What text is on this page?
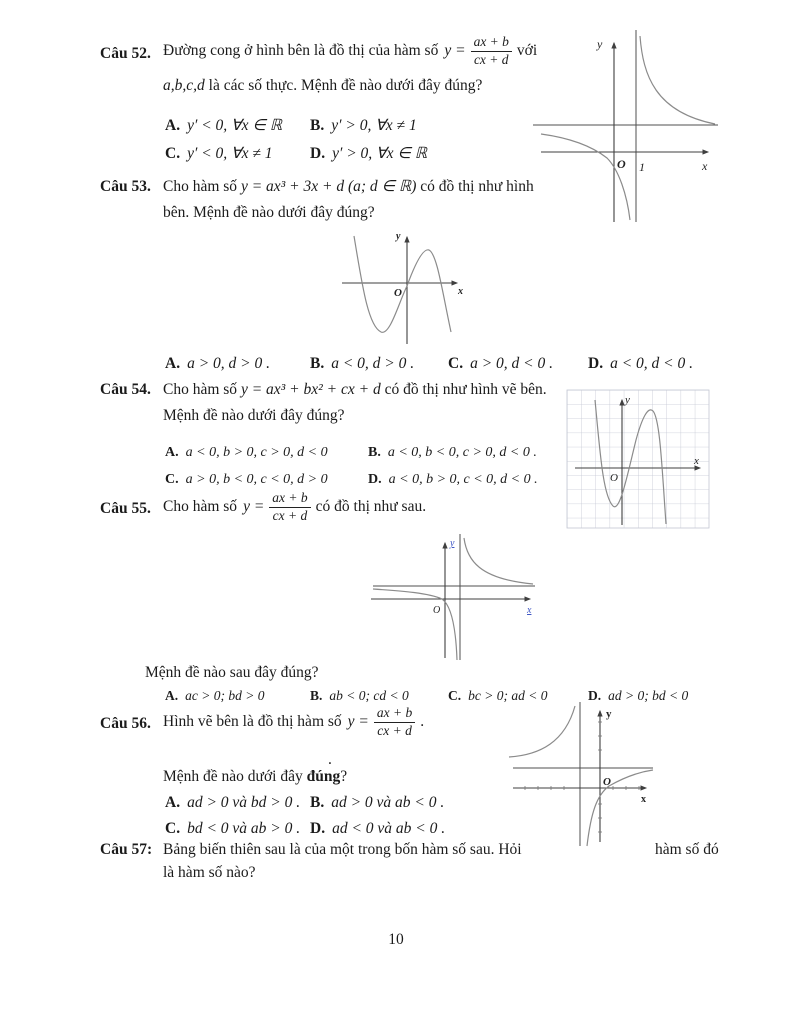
Câu 52. Đường cong ở hình bên là đồ thị của hàm số $y = \frac{ax + b}{cx + d}$ với
a,b,c,d là các số thực. Mệnh đề nào dưới đây đúng?
A. y′ < 0, ∀x ∈ ℝ B. y′ > 0, ∀x ≠ 1
C. y′ < 0, ∀x ≠ 1 D. y′ > 0, ∀x ∈ ℝ
y
O 1	x
Câu 53. Cho hàm số y = ax³ + 3x + d (a; d ∈ ℝ) có đồ thị như hình
bên. Mệnh đề nào dưới đây đúng?
y
O	x
A. a > 0, d > 0 .	B. a < 0, d > 0 . C. a > 0, d < 0 . D. a < 0, d < 0 .
Câu 54. Cho hàm số y = ax³ + bx² + cx + d có đồ thị như hình vẽ bên.
Mệnh đề nào dưới đây đúng?
A. a < 0, b > 0, c > 0, d < 0	B. a < 0, b < 0, c > 0, d < 0 .
C. a > 0, b < 0, c < 0, d > 0	D. a < 0, b > 0, c < 0, d < 0 .
y
O
x
Câu 55. Cho hàm số $y = \frac{ax + b}{cx + d}$ có đồ thị như sau.
y
O	x
Mệnh đề nào sau đây đúng?
A. ac > 0; bd > 0	B. ab < 0; cd < 0	C. bc > 0; ad < 0	D. ad > 0; bd < 0
Câu 56. Hình vẽ bên là đồ thị hàm số $y = \frac{ax + b}{cx + d}$ .
.
Mệnh đề nào dưới đây đúng?
A. ad > 0 và bd > 0 . B. ad > 0 và ab < 0 .
C. bd < 0 và ab > 0 . D. ad < 0 và ab < 0 .
y
O
x
Câu 57: Bảng biến thiên sau là của một trong bốn hàm số sau. Hỏi	hàm số đó
là hàm số nào?
10
